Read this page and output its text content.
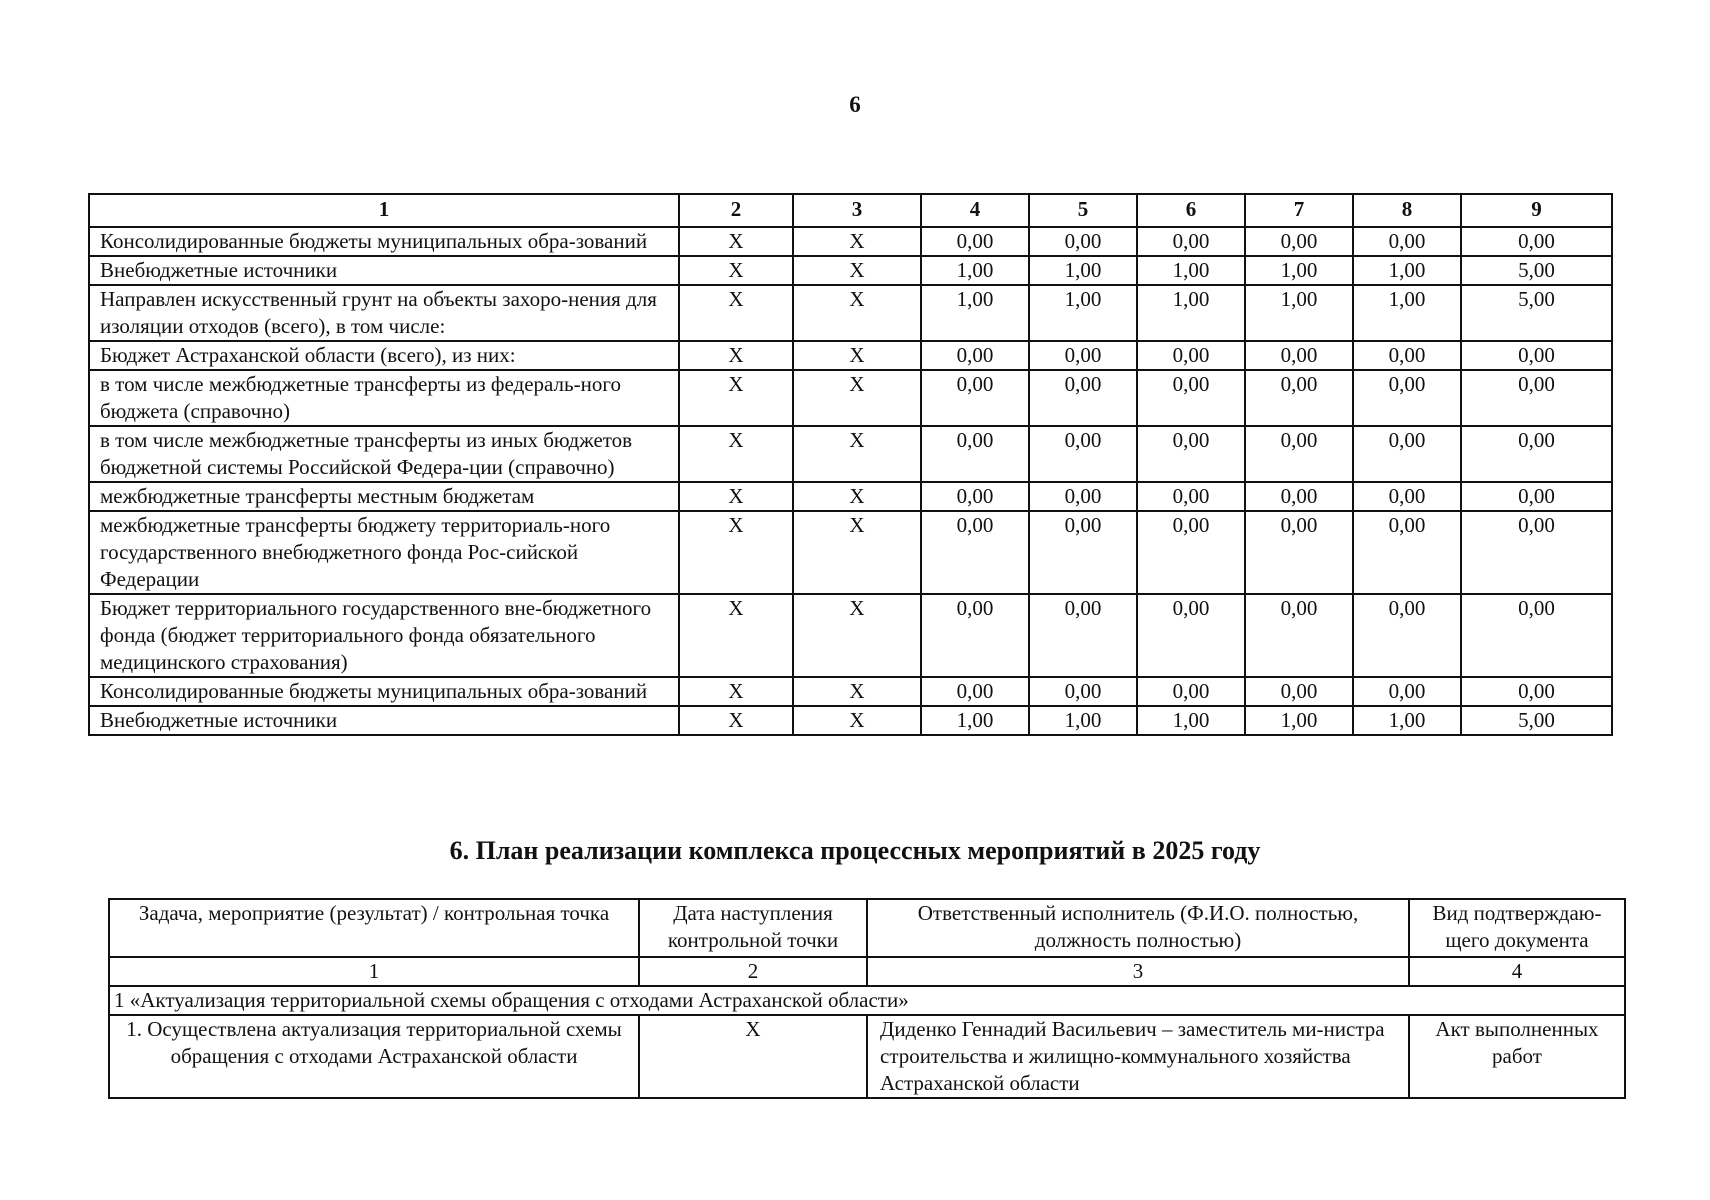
6
1	2	3	4	5	6	7	8	9
Консолидированные бюджеты муниципальных обра-зований	X	X	0,00	0,00	0,00	0,00	0,00	0,00
Внебюджетные источники	X	X	1,00	1,00	1,00	1,00	1,00	5,00
Направлен искусственный грунт на объекты захоро-нения для изоляции отходов (всего), в том числе:	X	X	1,00	1,00	1,00	1,00	1,00	5,00
Бюджет Астраханской области (всего), из них:	X	X	0,00	0,00	0,00	0,00	0,00	0,00
в том числе межбюджетные трансферты из федераль-ного бюджета (справочно)	X	X	0,00	0,00	0,00	0,00	0,00	0,00
в том числе межбюджетные трансферты из иных бюджетов бюджетной системы Российской Федера-ции (справочно)	X	X	0,00	0,00	0,00	0,00	0,00	0,00
межбюджетные трансферты местным бюджетам	X	X	0,00	0,00	0,00	0,00	0,00	0,00
межбюджетные трансферты бюджету территориаль-ного государственного внебюджетного фонда Рос-сийской Федерации	X	X	0,00	0,00	0,00	0,00	0,00	0,00
Бюджет территориального государственного вне-бюджетного фонда (бюджет территориального фонда обязательного медицинского страхования)	X	X	0,00	0,00	0,00	0,00	0,00	0,00
Консолидированные бюджеты муниципальных обра-зований	X	X	0,00	0,00	0,00	0,00	0,00	0,00
Внебюджетные источники	X	X	1,00	1,00	1,00	1,00	1,00	5,00
6. План реализации комплекса процессных мероприятий в 2025 году
Задача, мероприятие (результат) / контрольная точка	Дата наступления контрольной точки	Ответственный исполнитель (Ф.И.О. полностью, должность полностью)	Вид подтверждаю-щего документа
1	2	3	4
1 «Актуализация территориальной схемы обращения с отходами Астраханской области»			
1. Осуществлена актуализация территориальной схемы обращения с отходами Астраханской области	X	Диденко Геннадий Васильевич – заместитель ми-нистра строительства и жилищно-коммунального хозяйства Астраханской области	Акт выполненных работ
